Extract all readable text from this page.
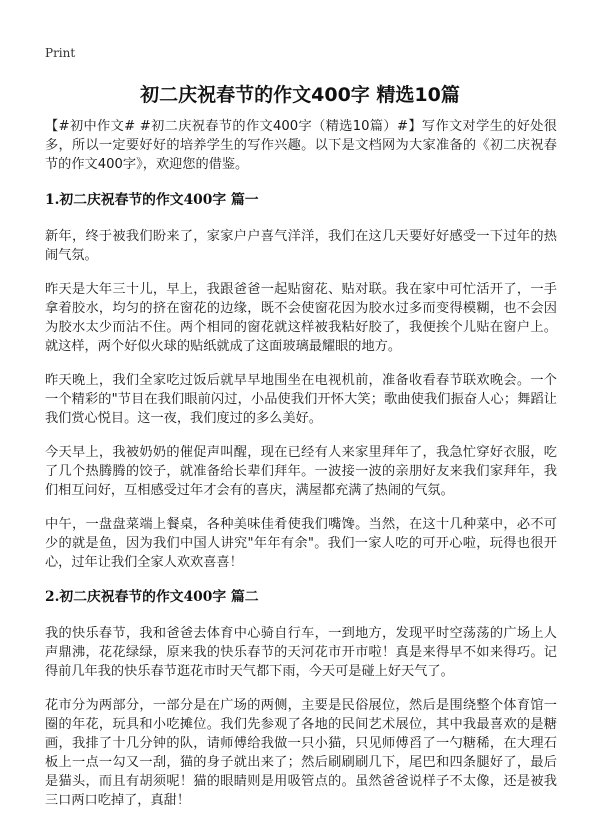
Print

初二庆祝春节的作文400字 精选10篇

【#初中作文# #初二庆祝春节的作文400字（精选10篇）#】写作文对学生的好处很多，所以一定要好好的培养学生的写作兴趣。以下是文档网为大家准备的《初二庆祝春节的作文400字》，欢迎您的借鉴。

1.初二庆祝春节的作文400字 篇一

新年，终于被我们盼来了，家家户户喜气洋洋，我们在这几天要好好感受一下过年的热闹气氛。

昨天是大年三十儿，早上，我跟爸爸一起贴窗花、贴对联。我在家中可忙活开了，一手拿着胶水，均匀的挤在窗花的边缘，既不会使窗花因为胶水过多而变得模糊，也不会因为胶水太少而沾不住。两个相同的窗花就这样被我粘好胶了，我便挨个儿贴在窗户上。就这样，两个好似火球的贴纸就成了这面玻璃最耀眼的地方。

昨天晚上，我们全家吃过饭后就早早地围坐在电视机前，准备收看春节联欢晚会。一个一个精彩的"节目在我们眼前闪过，小品使我们开怀大笑；歌曲使我们振奋人心；舞蹈让我们赏心悦目。这一夜，我们度过的多么美好。

今天早上，我被奶奶的催促声叫醒，现在已经有人来家里拜年了，我急忙穿好衣服，吃了几个热腾腾的饺子，就准备给长辈们拜年。一波接一波的亲朋好友来我们家拜年，我们相互问好，互相感受过年才会有的喜庆，满屋都充满了热闹的气氛。

中午，一盘盘菜端上餐桌，各种美味佳肴使我们嘴馋。当然，在这十几种菜中，必不可少的就是鱼，因为我们中国人讲究"年年有余"。我们一家人吃的可开心啦，玩得也很开心，过年让我们全家人欢欢喜喜！

2.初二庆祝春节的作文400字 篇二

我的快乐春节，我和爸爸去体育中心骑自行车，一到地方，发现平时空荡荡的广场上人声鼎沸，花花绿绿，原来我的快乐春节的天河花市开市啦！真是来得早不如来得巧。记得前几年我的快乐春节逛花市时天气都下雨，今天可是碰上好天气了。

花市分为两部分，一部分是在广场的两侧，主要是民俗展位，然后是围绕整个体育馆一圈的年花，玩具和小吃摊位。我们先参观了各地的民间艺术展位，其中我最喜欢的是糖画，我排了十几分钟的队，请师傅给我做一只小猫，只见师傅舀了一勺糖稀，在大理石板上一点一勾又一刮，猫的身子就出来了；然后刷刷刷几下，尾巴和四条腿好了，最后是猫头，而且有胡须呢！猫的眼睛则是用吸管点的。虽然爸爸说样子不太像，还是被我三口两口吃掉了，真甜！
